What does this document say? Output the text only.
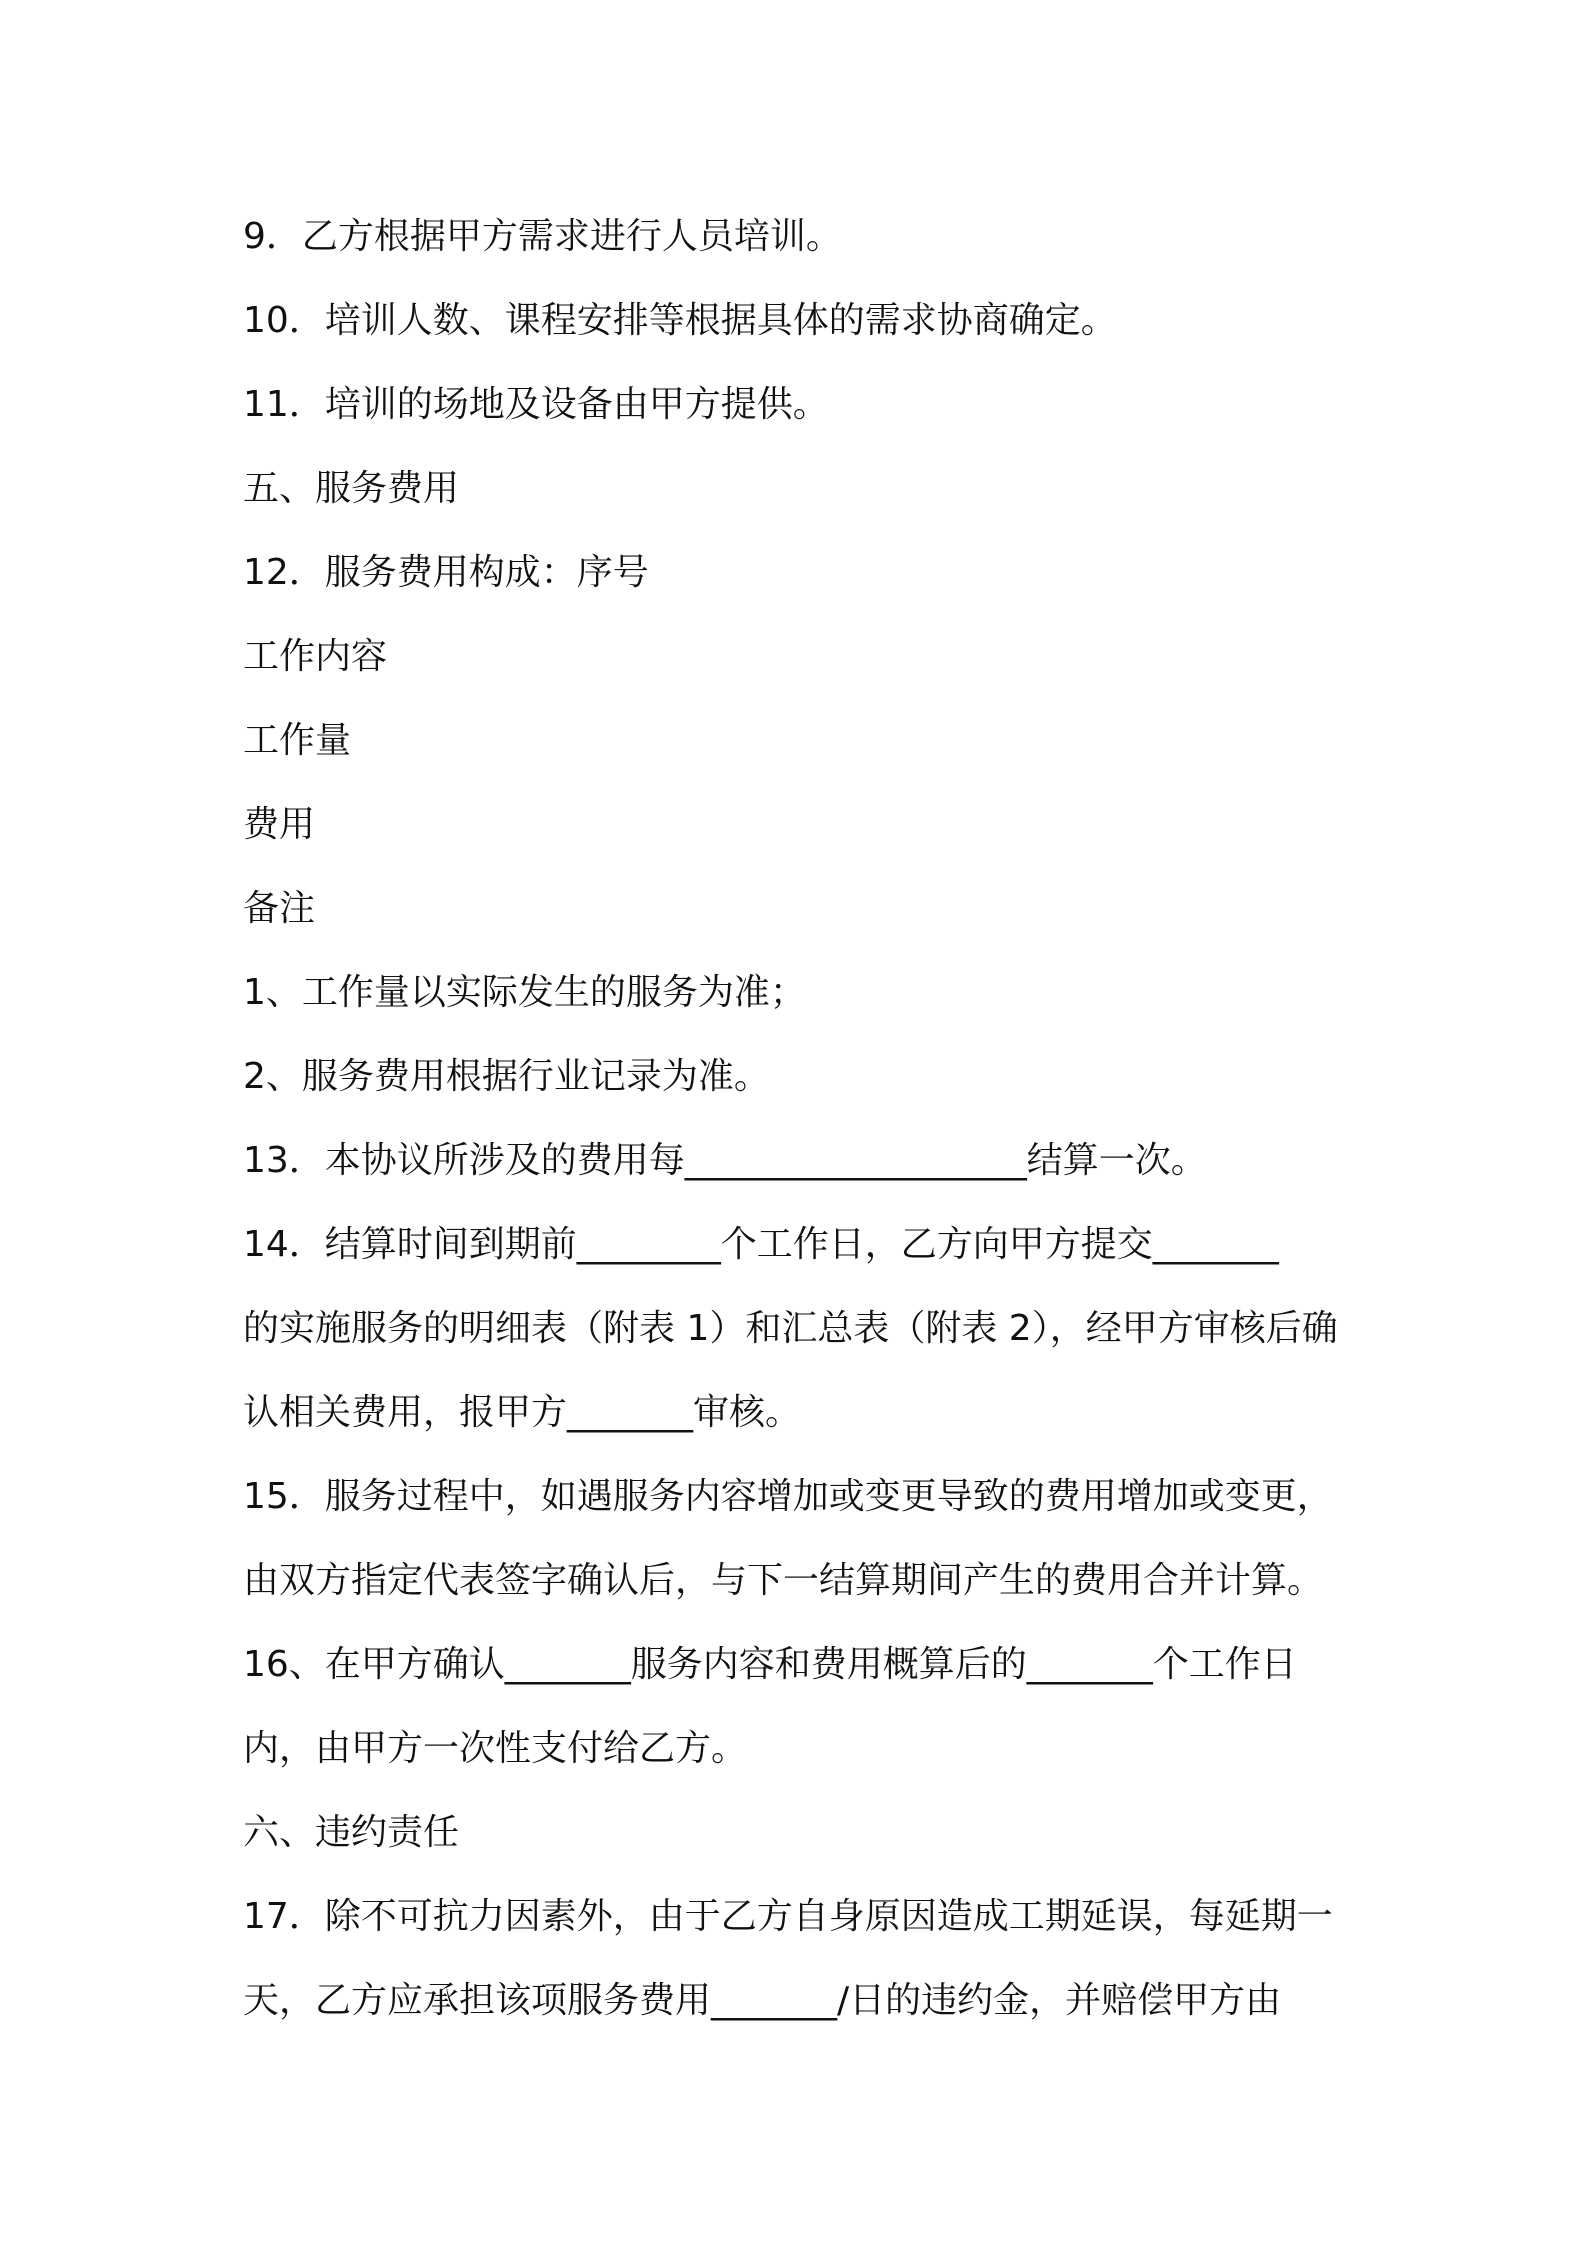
9．乙方根据甲方需求进行人员培训。
10．培训人数、课程安排等根据具体的需求协商确定。
11．培训的场地及设备由甲方提供。
五、服务费用
12．服务费用构成：序号
工作内容
工作量
费用
备注
1、工作量以实际发生的服务为准；
2、服务费用根据行业记录为准。
13．本协议所涉及的费用每___________________结算一次。
14．结算时间到期前________个工作日，乙方向甲方提交_______
的实施服务的明细表（附表 1）和汇总表（附表 2），经甲方审核后确
认相关费用，报甲方_______审核。
15．服务过程中，如遇服务内容增加或变更导致的费用增加或变更，
由双方指定代表签字确认后，与下一结算期间产生的费用合并计算。
16、在甲方确认_______服务内容和费用概算后的_______个工作日
内，由甲方一次性支付给乙方。
六、违约责任
17．除不可抗力因素外，由于乙方自身原因造成工期延误，每延期一
天，乙方应承担该项服务费用_______/日的违约金，并赔偿甲方由
